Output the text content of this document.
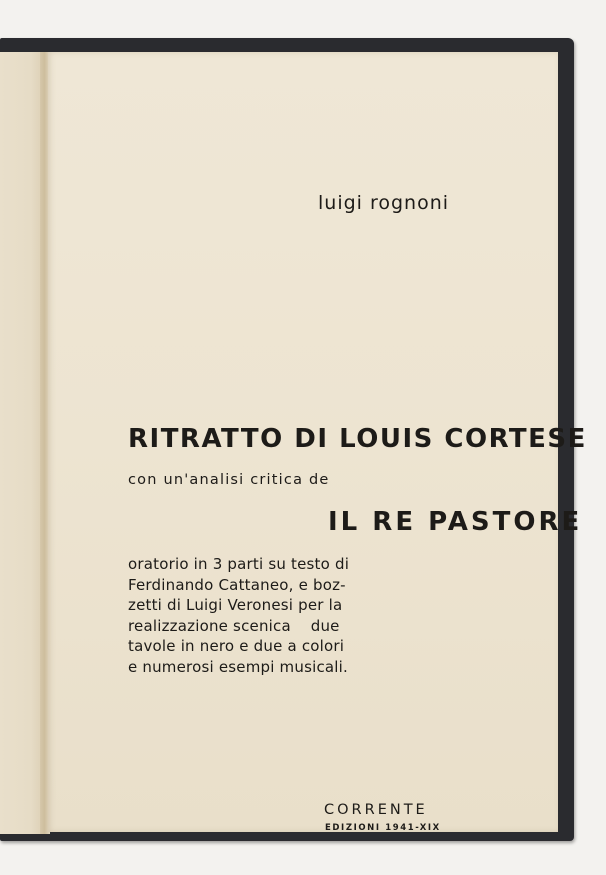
luigi rognoni
RITRATTO DI LOUIS CORTESE
con un'analisi critica de
IL RE PASTORE
oratorio in 3 parti su testo di
Ferdinando Cattaneo, e boz-
zetti di Luigi Veronesi per la
realizzazione scenica    due
tavole in nero e due a colori
e numerosi esempi musicali.
CORRENTE
EDIZIONI 1941-XIX
